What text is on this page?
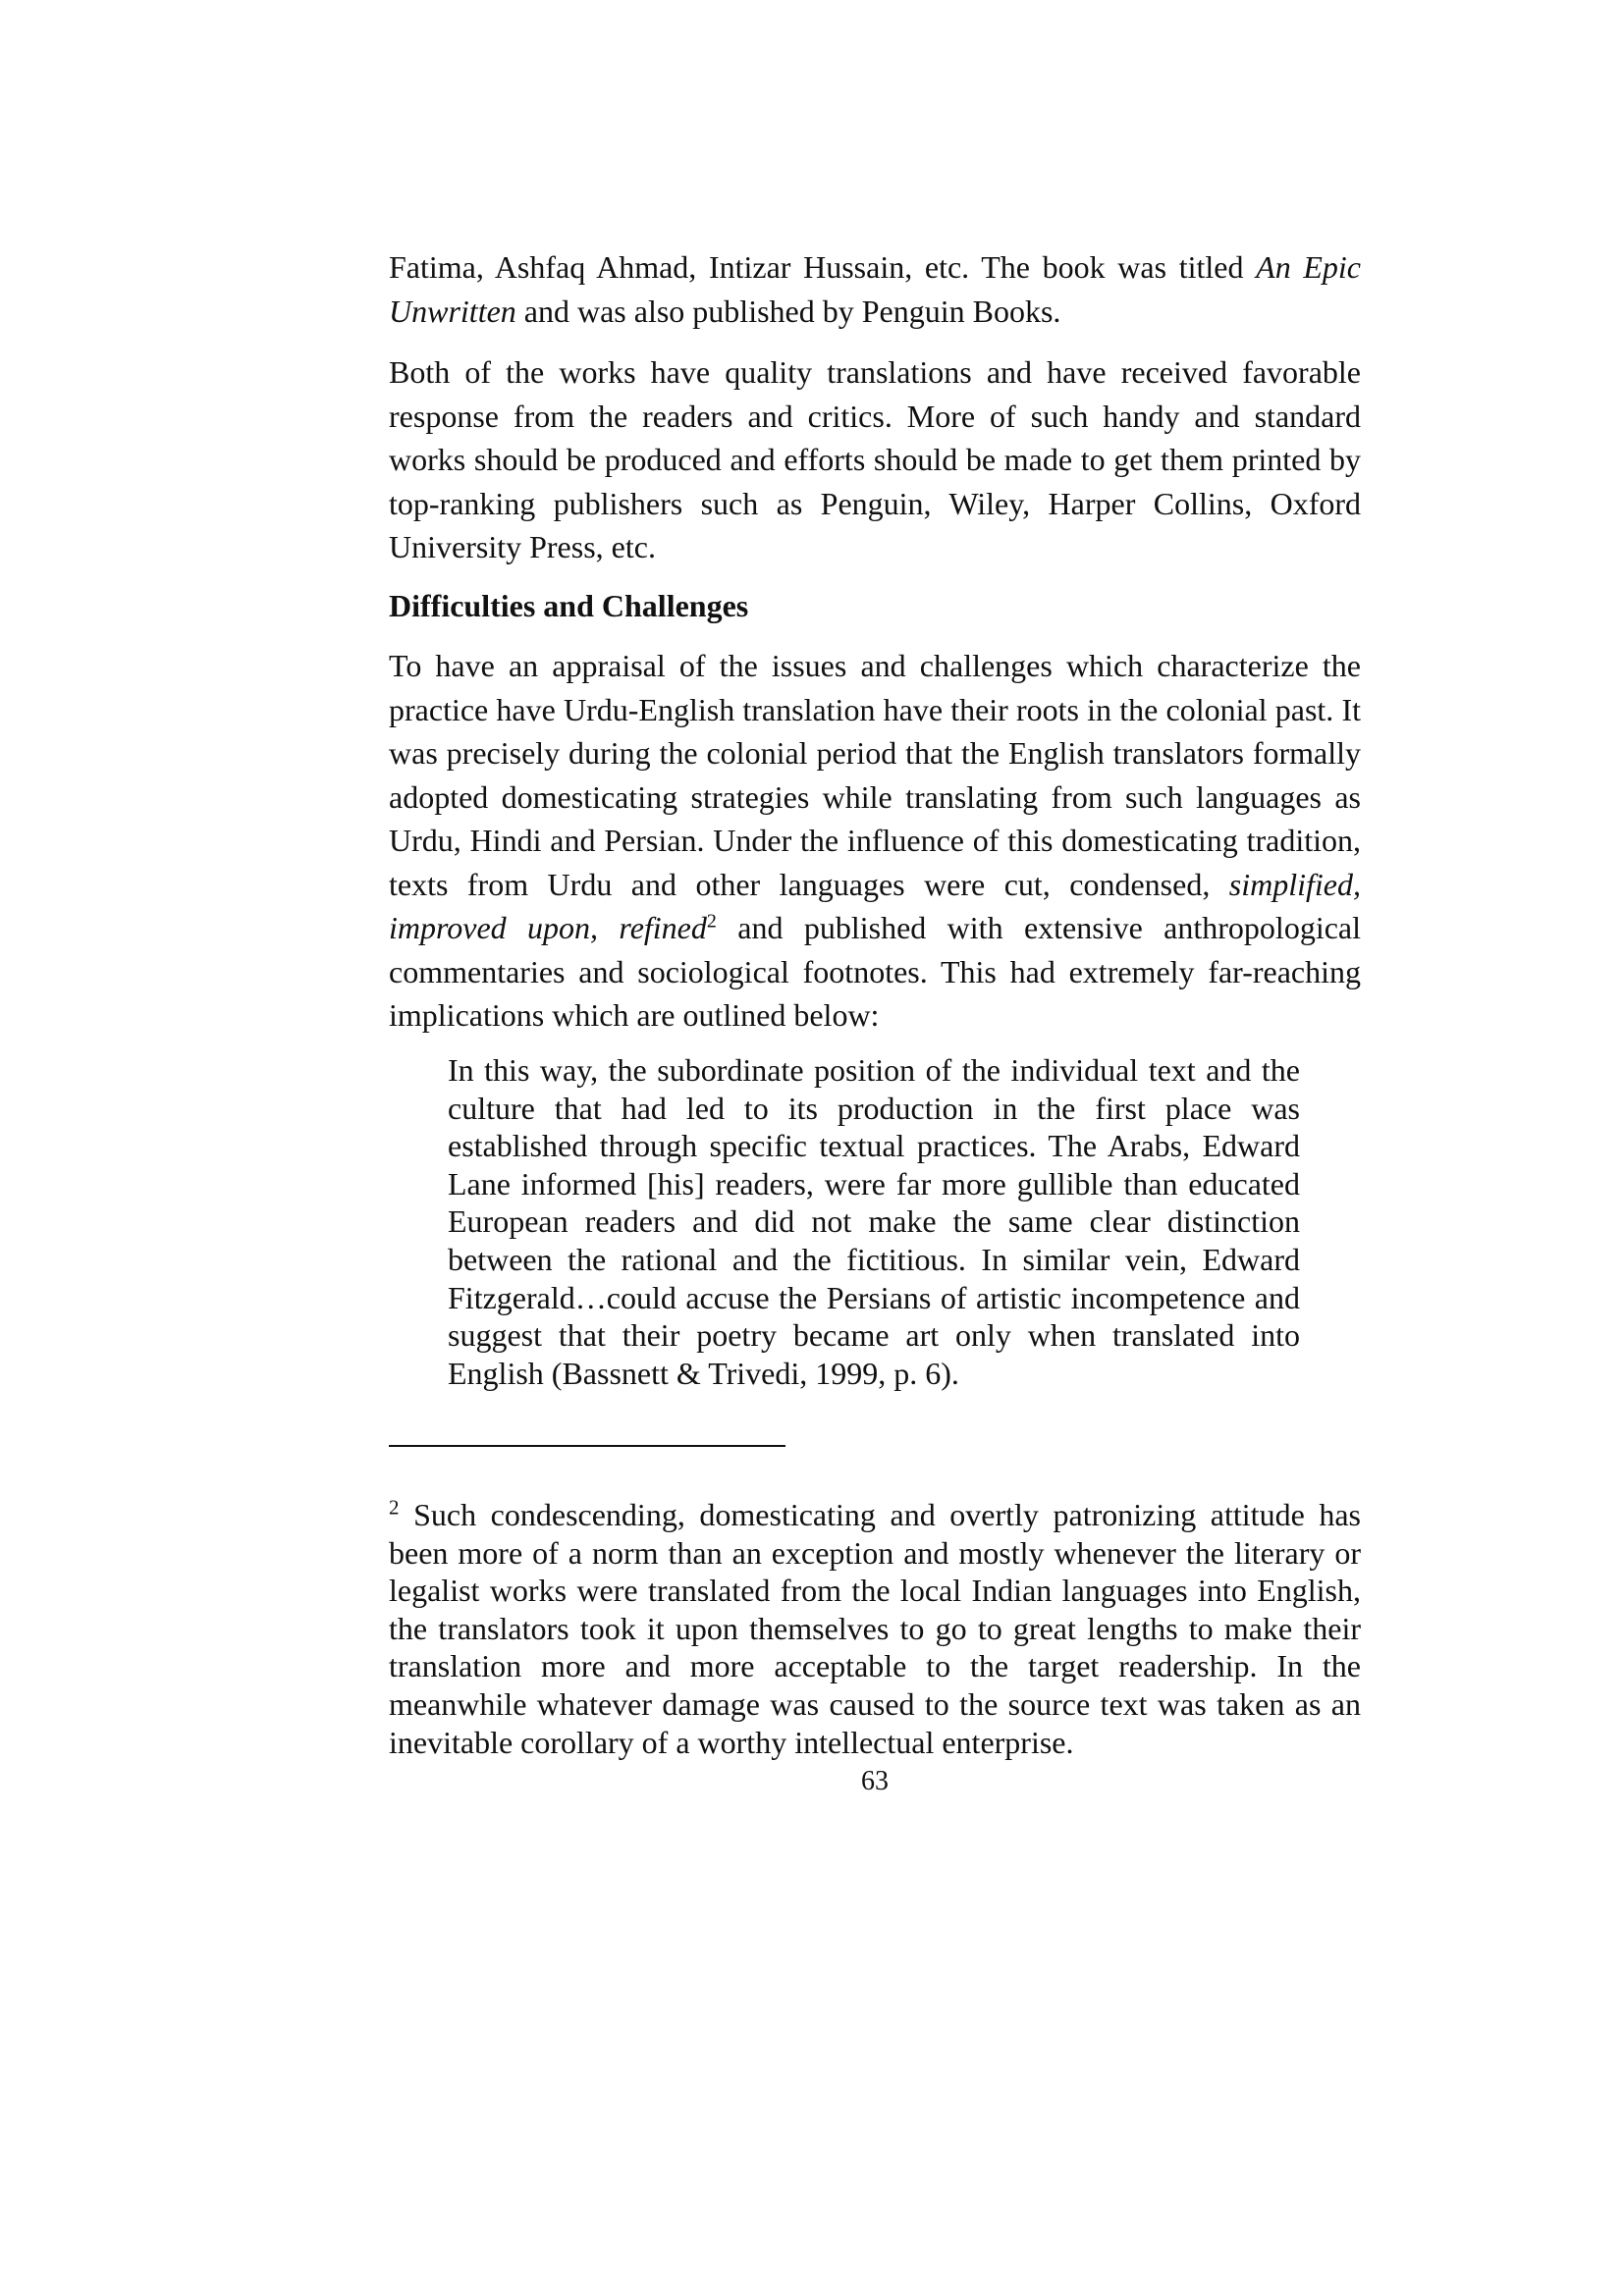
Fatima, Ashfaq Ahmad, Intizar Hussain, etc. The book was titled An Epic Unwritten and was also published by Penguin Books.

Both of the works have quality translations and have received favorable response from the readers and critics. More of such handy and standard works should be produced and efforts should be made to get them printed by top-ranking publishers such as Penguin, Wiley, Harper Collins, Oxford University Press, etc.

Difficulties and Challenges

To have an appraisal of the issues and challenges which characterize the practice have Urdu-English translation have their roots in the colonial past. It was precisely during the colonial period that the English translators formally adopted domesticating strategies while translating from such languages as Urdu, Hindi and Persian. Under the influence of this domesticating tradition, texts from Urdu and other languages were cut, condensed, simplified, improved upon, refined$^2$ and published with extensive anthropological commentaries and sociological footnotes. This had extremely far-reaching implications which are outlined below:

In this way, the subordinate position of the individual text and the culture that had led to its production in the first place was established through specific textual practices. The Arabs, Edward Lane informed [his] readers, were far more gullible than educated European readers and did not make the same clear distinction between the rational and the fictitious. In similar vein, Edward Fitzgerald…could accuse the Persians of artistic incompetence and suggest that their poetry became art only when translated into English (Bassnett & Trivedi, 1999, p. 6).

$^2$ Such condescending, domesticating and overtly patronizing attitude has been more of a norm than an exception and mostly whenever the literary or legalist works were translated from the local Indian languages into English, the translators took it upon themselves to go to great lengths to make their translation more and more acceptable to the target readership. In the meanwhile whatever damage was caused to the source text was taken as an inevitable corollary of a worthy intellectual enterprise.

63
